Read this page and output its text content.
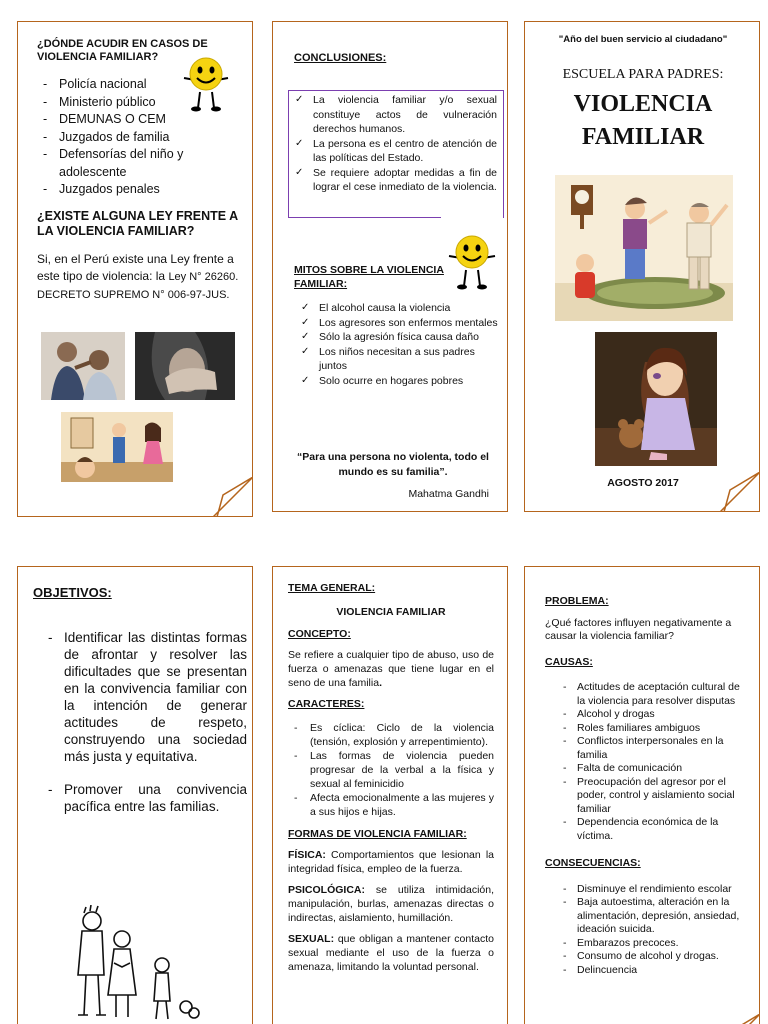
¿DÓNDE ACUDIR EN CASOS DE VIOLENCIA FAMILIAR?
- Policía nacional
- Ministerio público
- DEMUNAS O CEM
- Juzgados de familia
- Defensorías del niño y adolescente
- Juzgados penales
¿EXISTE ALGUNA LEY FRENTE A LA VIOLENCIA FAMILIAR?
Si, en el Perú existe una Ley frente a este tipo de violencia: la Ley N° 26260. DECRETO SUPREMO N° 006-97-JUS.
CONCLUSIONES:
✓ La violencia familiar y/o sexual constituye actos de vulneración derechos humanos.
✓ La persona es el centro de atención de las políticas del Estado.
✓ Se requiere adoptar medidas a fin de lograr el cese inmediato de la violencia.
MITOS SOBRE LA VIOLENCIA FAMILIAR:
✓ El alcohol causa la violencia
✓ Los agresores son enfermos mentales
✓ Sólo la agresión física causa daño
✓ Los niños necesitan a sus padres juntos
✓ Solo ocurre en hogares pobres
“Para una persona no violenta, todo el mundo es su familia”.
Mahatma Gandhi
"Año del buen servicio al ciudadano"
ESCUELA PARA PADRES:
VIOLENCIA
FAMILIAR
AGOSTO 2017
OBJETIVOS:
- Identificar las distintas formas de afrontar y resolver las dificultades que se presentan en la convivencia familiar con la intención de generar actitudes de respeto, construyendo una sociedad más justa y equitativa.
- Promover una convivencia pacífica entre las familias.

TEMA GENERAL:

VIOLENCIA FAMILIAR

CONCEPTO:

Se refiere a cualquier tipo de abuso, uso de fuerza o amenazas que tiene lugar en el seno de una familia.

CARACTERES:

- Es cíclica: Ciclo de la violencia (tensión, explosión y arrepentimiento).
- Las formas de violencia pueden progresar de la verbal a la física y sexual al feminicidio
- Afecta emocionalmente a las mujeres y a sus hijos e hijas.

FORMAS DE VIOLENCIA FAMILIAR:

FÍSICA: Comportamientos que lesionan la integridad física, empleo de la fuerza.

PSICOLÓGICA: se utiliza intimidación, manipulación, burlas, amenazas directas o indirectas, aislamiento, humillación.

SEXUAL: que obligan a mantener contacto sexual mediante el uso de la fuerza o amenaza, limitando la voluntad personal.

PROBLEMA:

¿Qué factores influyen negativamente a causar la violencia familiar?

CAUSAS:

- Actitudes de aceptación cultural de la violencia para resolver disputas
- Alcohol y drogas
- Roles familiares ambiguos
- Conflictos interpersonales en la familia
- Falta de comunicación
- Preocupación del agresor por el poder, control y aislamiento social familiar
- Dependencia económica de la víctima.

CONSECUENCIAS:

- Disminuye el rendimiento escolar
- Baja autoestima, alteración en la alimentación, depresión, ansiedad, ideación suicida.
- Embarazos precoces.
- Consumo de alcohol y drogas.
- Delincuencia
